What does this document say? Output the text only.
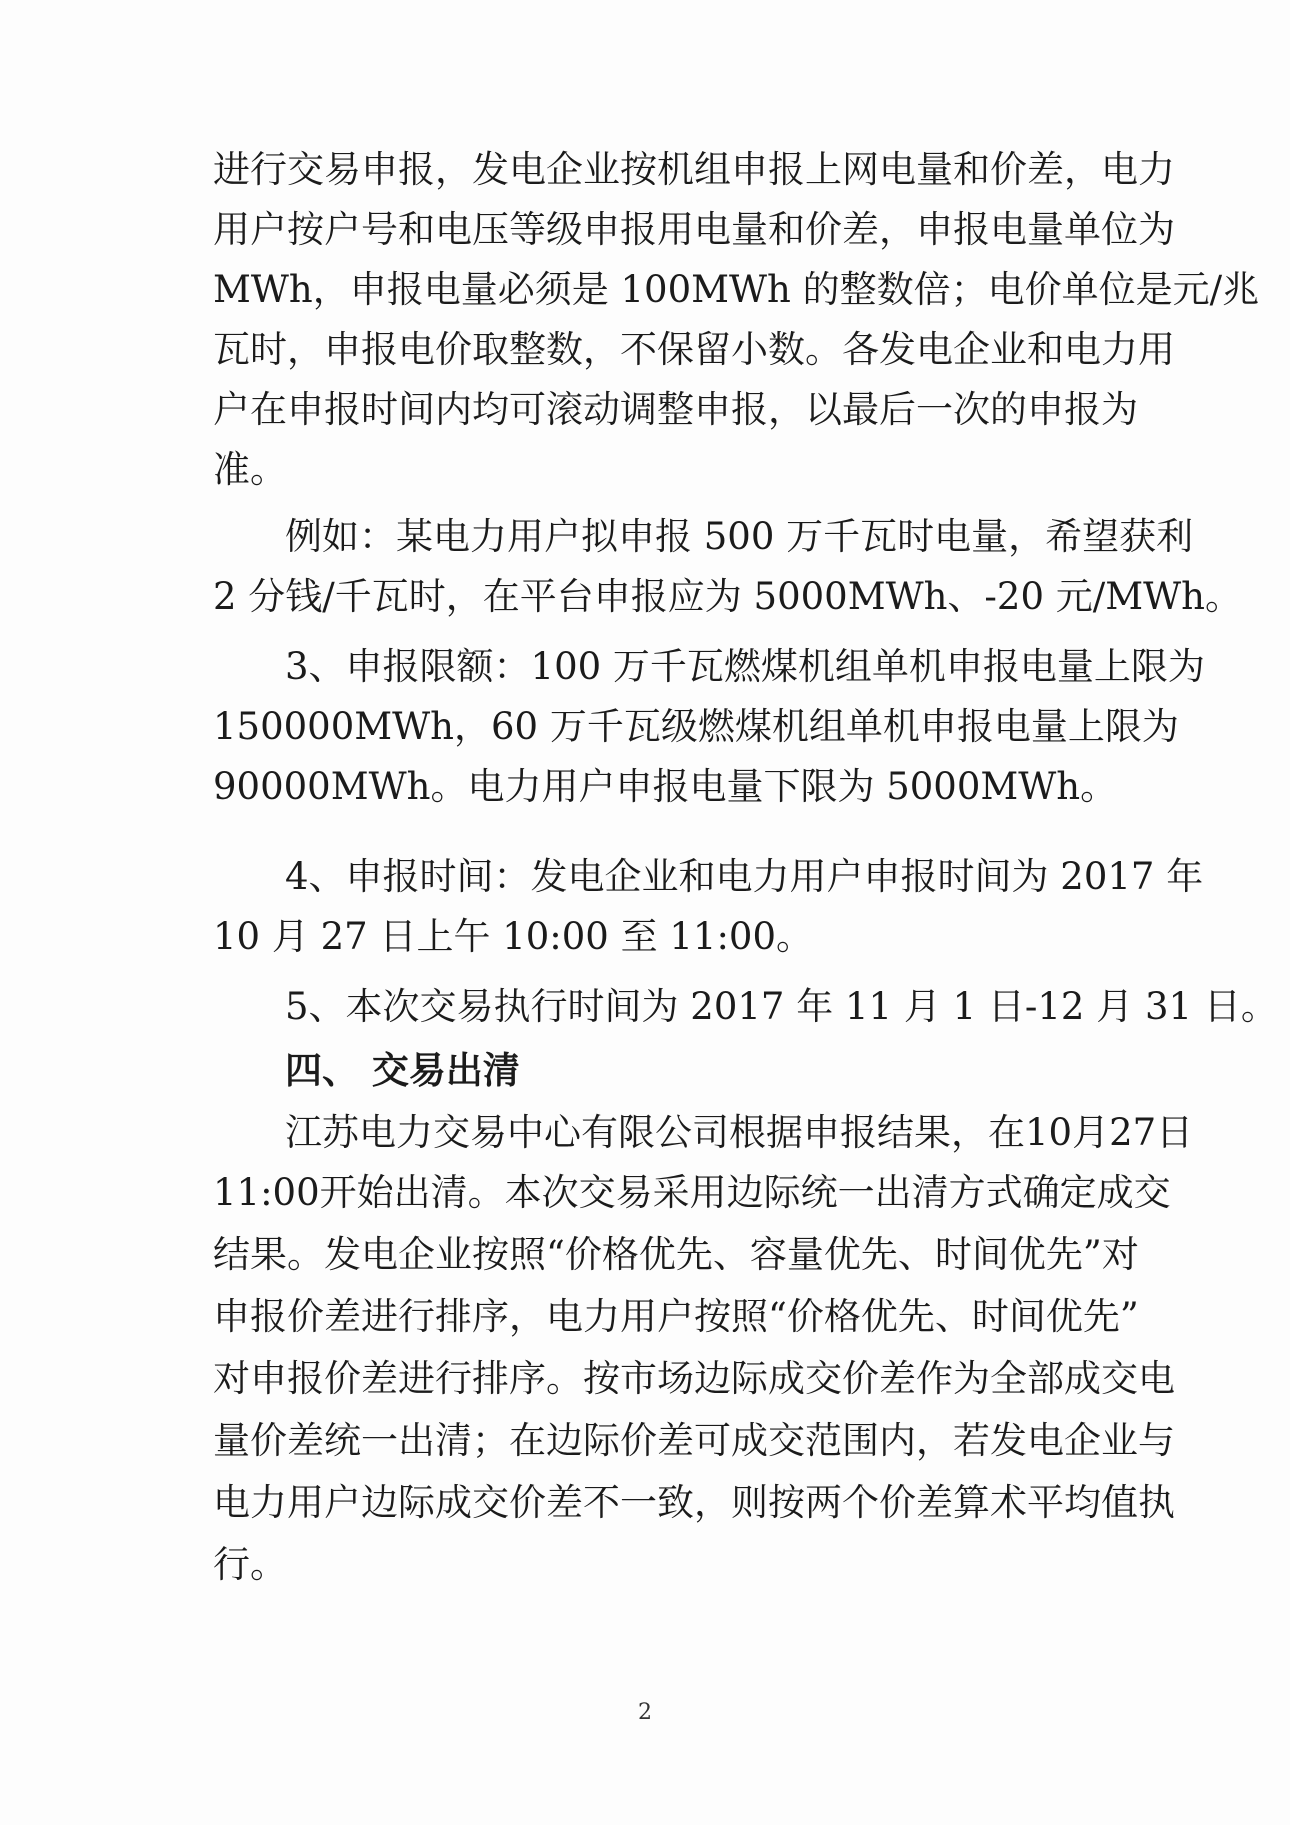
进行交易申报，发电企业按机组申报上网电量和价差，电力
用户按户号和电压等级申报用电量和价差，申报电量单位为
MWh，申报电量必须是 100MWh 的整数倍；电价单位是元/兆
瓦时，申报电价取整数，不保留小数。各发电企业和电力用
户在申报时间内均可滚动调整申报，以最后一次的申报为
准。
例如：某电力用户拟申报 500 万千瓦时电量，希望获利
2 分钱/千瓦时，在平台申报应为 5000MWh、-20 元/MWh。
3、申报限额：100 万千瓦燃煤机组单机申报电量上限为
150000MWh，60 万千瓦级燃煤机组单机申报电量上限为
90000MWh。电力用户申报电量下限为 5000MWh。
4、申报时间：发电企业和电力用户申报时间为 2017 年
10 月 27 日上午 10:00 至 11:00。
5、本次交易执行时间为 2017 年 11 月 1 日-12 月 31 日。
四、 交易出清
江苏电力交易中心有限公司根据申报结果，在10月27日
11:00开始出清。本次交易采用边际统一出清方式确定成交
结果。发电企业按照“价格优先、容量优先、时间优先”对
申报价差进行排序，电力用户按照“价格优先、时间优先”
对申报价差进行排序。按市场边际成交价差作为全部成交电
量价差统一出清；在边际价差可成交范围内，若发电企业与
电力用户边际成交价差不一致，则按两个价差算术平均值执
行。
2
